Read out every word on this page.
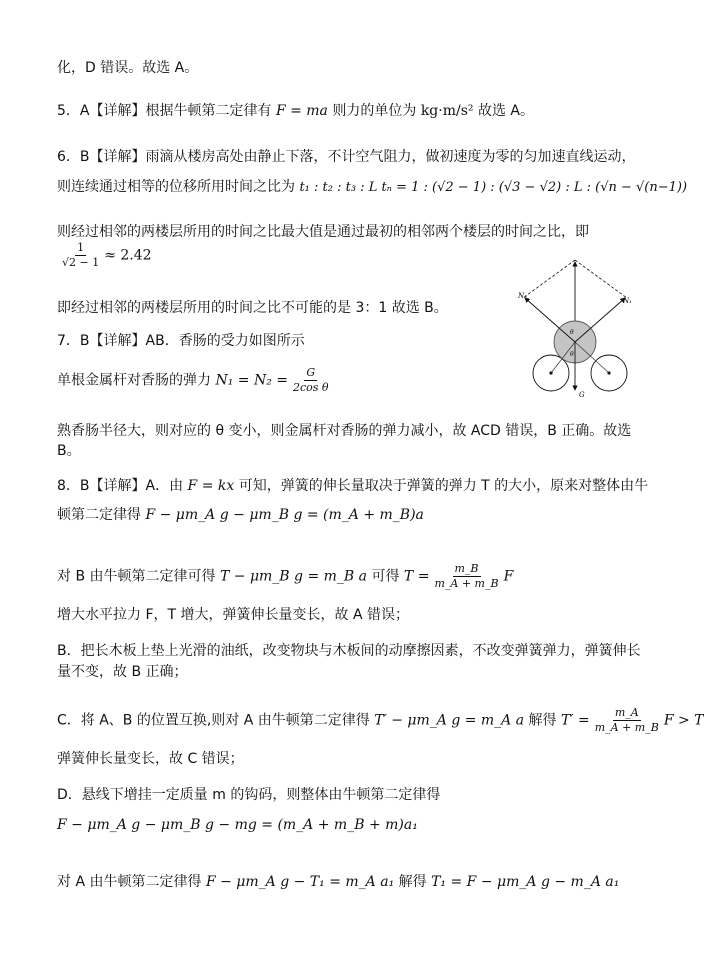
化，D 错误。故选 A。
5．A【详解】根据牛顿第二定律有 F = ma 则力的单位为 kg·m/s² 故选 A。
6．B【详解】雨滴从楼房高处由静止下落，不计空气阻力，做初速度为零的匀加速直线运动，
则连续通过相等的位移所用时间之比为 t₁ : t₂ : t₃ : L tₙ = 1 : (√2 − 1) : (√3 − √2) : L : (√n − √(n−1))
则经过相邻的两楼层所用的时间之比最大值是通过最初的相邻两个楼层的时间之比，即
$\frac{1}{√2 - 1} \approx 2.42$
即经过相邻的两楼层所用的时间之比不可能的是 3：1 故选 B。
7．B【详解】AB．香肠的受力如图所示
单根金属杆对香肠的弹力 $N_1 = N_2 = \frac{G}{\text{2cos θ}}$
熟香肠半径大，则对应的 θ 变小，则金属杆对香肠的弹力减小，故 ACD 错误，B 正确。故选
B。
N₂
N₁
G
θ
θ
8．B【详解】A．由 F = kx 可知，弹簧的伸长量取决于弹簧的弹力 T 的大小，原来对整体由牛
顿第二定律得 F − μm_A g − μm_B g = (m_A + m_B)a
对 B 由牛顿第二定律可得 T − μm_B g = m_B a 可得 $T = \frac{m\_B}{m\_A + m\_B}$ F
增大水平拉力 F，T 增大，弹簧伸长量变长，故 A 错误；
B．把长木板上垫上光滑的油纸，改变物块与木板间的动摩擦因素，不改变弹簧弹力，弹簧伸长
量不变，故 B 正确；
C．将 A、B 的位置互换,则对 A 由牛顿第二定律得 T′ − μm_A g = m_A a 解得 $T' = \frac{m\_A}{m\_A + m\_B}$ F > T
弹簧伸长量变长，故 C 错误；
D．悬线下增挂一定质量 m 的钩码，则整体由牛顿第二定律得
F − μm_A g − μm_B g − mg = (m_A + m_B + m)a₁
对 A 由牛顿第二定律得 F − μm_A g − T₁ = m_A a₁ 解得 T₁ = F − μm_A g − m_A a₁
